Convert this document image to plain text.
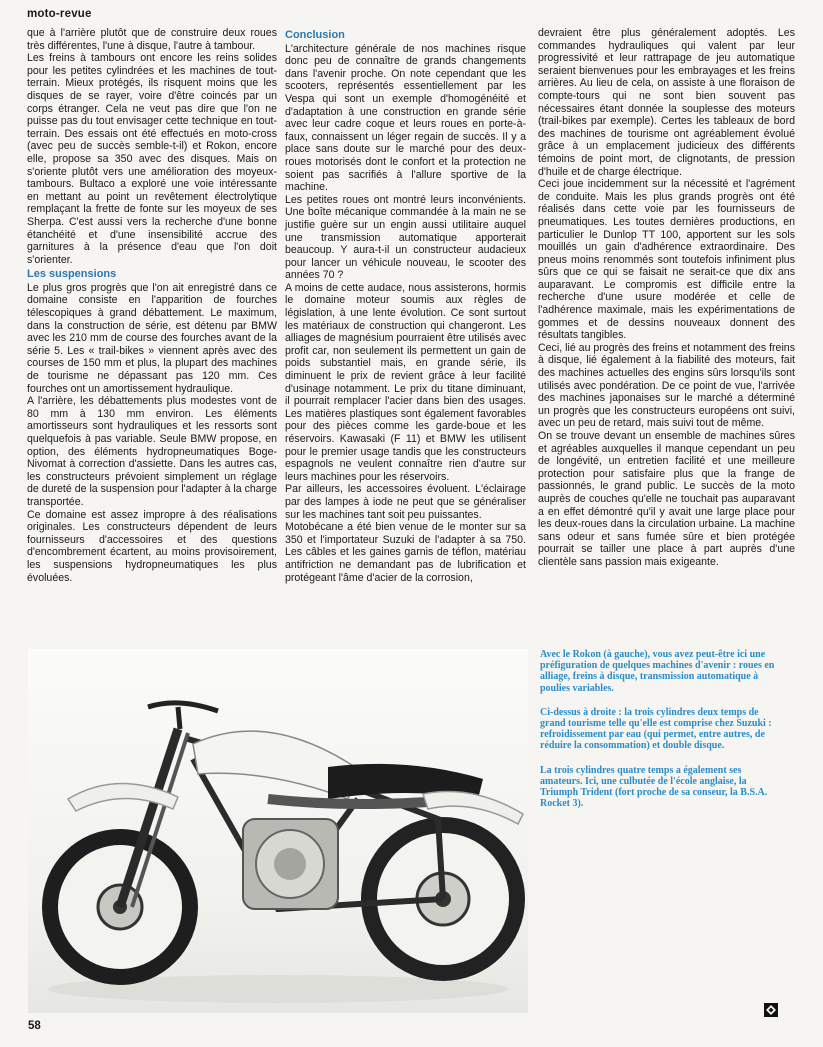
moto-revue

que à l'arrière plutôt que de construire deux roues très différentes, l'une à disque, l'autre à tambour.

Les freins à tambours ont encore les reins solides pour les petites cylindrées et les machines de tout-terrain. Mieux protégés, ils risquent moins que les disques de se rayer, voire d'être coincés par un corps étranger. Cela ne veut pas dire que l'on ne puisse pas du tout envisager cette technique en tout-terrain. Des essais ont été effectués en moto-cross (avec peu de succès semble-t-il) et Rokon, encore elle, propose sa 350 avec des disques. Mais on s'oriente plutôt vers une amélioration des moyeux-tambours. Bultaco a exploré une voie intéressante en mettant au point un revêtement électrolytique remplaçant la frette de fonte sur les moyeux de ses Sherpa. C'est aussi vers la recherche d'une bonne étanchéité et d'une insensibilité accrue des garnitures à la présence d'eau que l'on doit s'orienter.

Les suspensions

Le plus gros progrès que l'on ait enregistré dans ce domaine consiste en l'apparition de fourches télescopiques à grand débattement. Le maximum, dans la construction de série, est détenu par BMW avec les 210 mm de course des fourches avant de la série 5. Les « trail-bikes » viennent après avec des courses de 150 mm et plus, la plupart des machines de tourisme ne dépassant pas 120 mm. Ces fourches ont un amortissement hydraulique.

A l'arrière, les débattements plus modestes vont de 80 mm à 130 mm environ. Les éléments amortisseurs sont hydrauliques et les ressorts sont quelquefois à pas variable. Seule BMW propose, en option, des éléments hydropneumatiques Boge-Nivomat à correction d'assiette. Dans les autres cas, les constructeurs prévoient simplement un réglage de dureté de la suspension pour l'adapter à la charge transportée.

Ce domaine est assez impropre à des réalisations originales. Les constructeurs dépendent de leurs fournisseurs d'accessoires et des questions d'encombrement écartent, au moins provisoirement, les suspensions hydropneumatiques les plus évoluées.

Conclusion

L'architecture générale de nos machines risque donc peu de connaître de grands changements dans l'avenir proche. On note cependant que les scooters, représentés essentiellement par les Vespa qui sont un exemple d'homogénéité et d'adaptation à une construction en grande série avec leur cadre coque et leurs roues en porte-à-faux, connaissent un léger regain de succès. Il y a place sans doute sur le marché pour des deux-roues motorisés dont le confort et la protection ne soient pas sacrifiés à l'allure sportive de la machine.

Les petites roues ont montré leurs inconvénients. Une boîte mécanique commandée à la main ne se justifie guère sur un engin aussi utilitaire auquel une transmission automatique apporterait beaucoup. Y aura-t-il un constructeur audacieux pour lancer un véhicule nouveau, le scooter des années 70 ?

A moins de cette audace, nous assisterons, hormis le domaine moteur soumis aux règles de législation, à une lente évolution. Ce sont surtout les matériaux de construction qui changeront. Les alliages de magnésium pourraient être utilisés avec profit car, non seulement ils permettent un gain de poids substantiel mais, en grande série, ils diminuent le prix de revient grâce à leur facilité d'usinage notamment. Le prix du titane diminuant, il pourrait remplacer l'acier dans bien des usages. Les matières plastiques sont également favorables pour des pièces comme les garde-boue et les réservoirs. Kawasaki (F 11) et BMW les utilisent pour le premier usage tandis que les constructeurs espagnols ne veulent connaître rien d'autre sur leurs machines pour les réservoirs.

Par ailleurs, les accessoires évoluent. L'éclairage par des lampes à iode ne peut que se généraliser sur les machines tant soit peu puissantes.

Motobécane a été bien venue de le monter sur sa 350 et l'importateur Suzuki de l'adapter à sa 750. Les câbles et les gaines garnis de téflon, matériau antifriction ne demandant pas de lubrification et protégeant l'âme d'acier de la corrosion,

devraient être plus généralement adoptés. Les commandes hydrauliques qui valent par leur progressivité et leur rattrapage de jeu automatique seraient bienvenues pour les embrayages et les freins arrières. Au lieu de cela, on assiste à une floraison de compte-tours qui ne sont bien souvent pas nécessaires étant donnée la souplesse des moteurs (trail-bikes par exemple). Certes les tableaux de bord des machines de tourisme ont agréablement évolué grâce à un emplacement judicieux des différents témoins de point mort, de clignotants, de pression d'huile et de charge électrique.

Ceci joue incidemment sur la nécessité et l'agrément de conduite. Mais les plus grands progrès ont été réalisés dans cette voie par les fournisseurs de pneumatiques. Les toutes dernières productions, en particulier le Dunlop TT 100, apportent sur les sols mouillés un gain d'adhérence extraordinaire. Des pneus moins renommés sont toutefois infiniment plus sûrs que ce qui se faisait ne serait-ce que dix ans auparavant. Le compromis est difficile entre la recherche d'une usure modérée et celle de l'adhérence maximale, mais les expérimentations de gommes et de dessins nouveaux donnent des résultats tangibles.

Ceci, lié au progrès des freins et notamment des freins à disque, lié également à la fiabilité des moteurs, fait des machines actuelles des engins sûrs lorsqu'ils sont utilisés avec pondération. De ce point de vue, l'arrivée des machines japonaises sur le marché a déterminé un progrès que les constructeurs européens ont suivi, avec un peu de retard, mais suivi tout de même.

On se trouve devant un ensemble de machines sûres et agréables auxquelles il manque cependant un peu de longévité, un entretien facilité et une meilleure protection pour satisfaire plus que la frange de passionnés, le grand public. Le succès de la moto auprès de couches qu'elle ne touchait pas auparavant a en effet démontré qu'il y avait une large place pour les deux-roues dans la circulation urbaine. La machine sans odeur et sans fumée sûre et bien protégée pourrait se tailler une place à part auprès d'une clientèle sans passion mais exigeante.

Avec le Rokon (à gauche), vous avez peut-être ici une préfiguration de quelques machines d'avenir : roues en alliage, freins à disque, transmission automatique à poulies variables.

Ci-dessus à droite : la trois cylindres deux temps de grand tourisme telle qu'elle est comprise chez Suzuki : refroidissement par eau (qui permet, entre autres, de réduire la consommation) et double disque.

La trois cylindres quatre temps a également ses amateurs. Ici, une culbutée de l'école anglaise, la Triumph Trident (fort proche de sa conseur, la B.S.A. Rocket 3).

58
